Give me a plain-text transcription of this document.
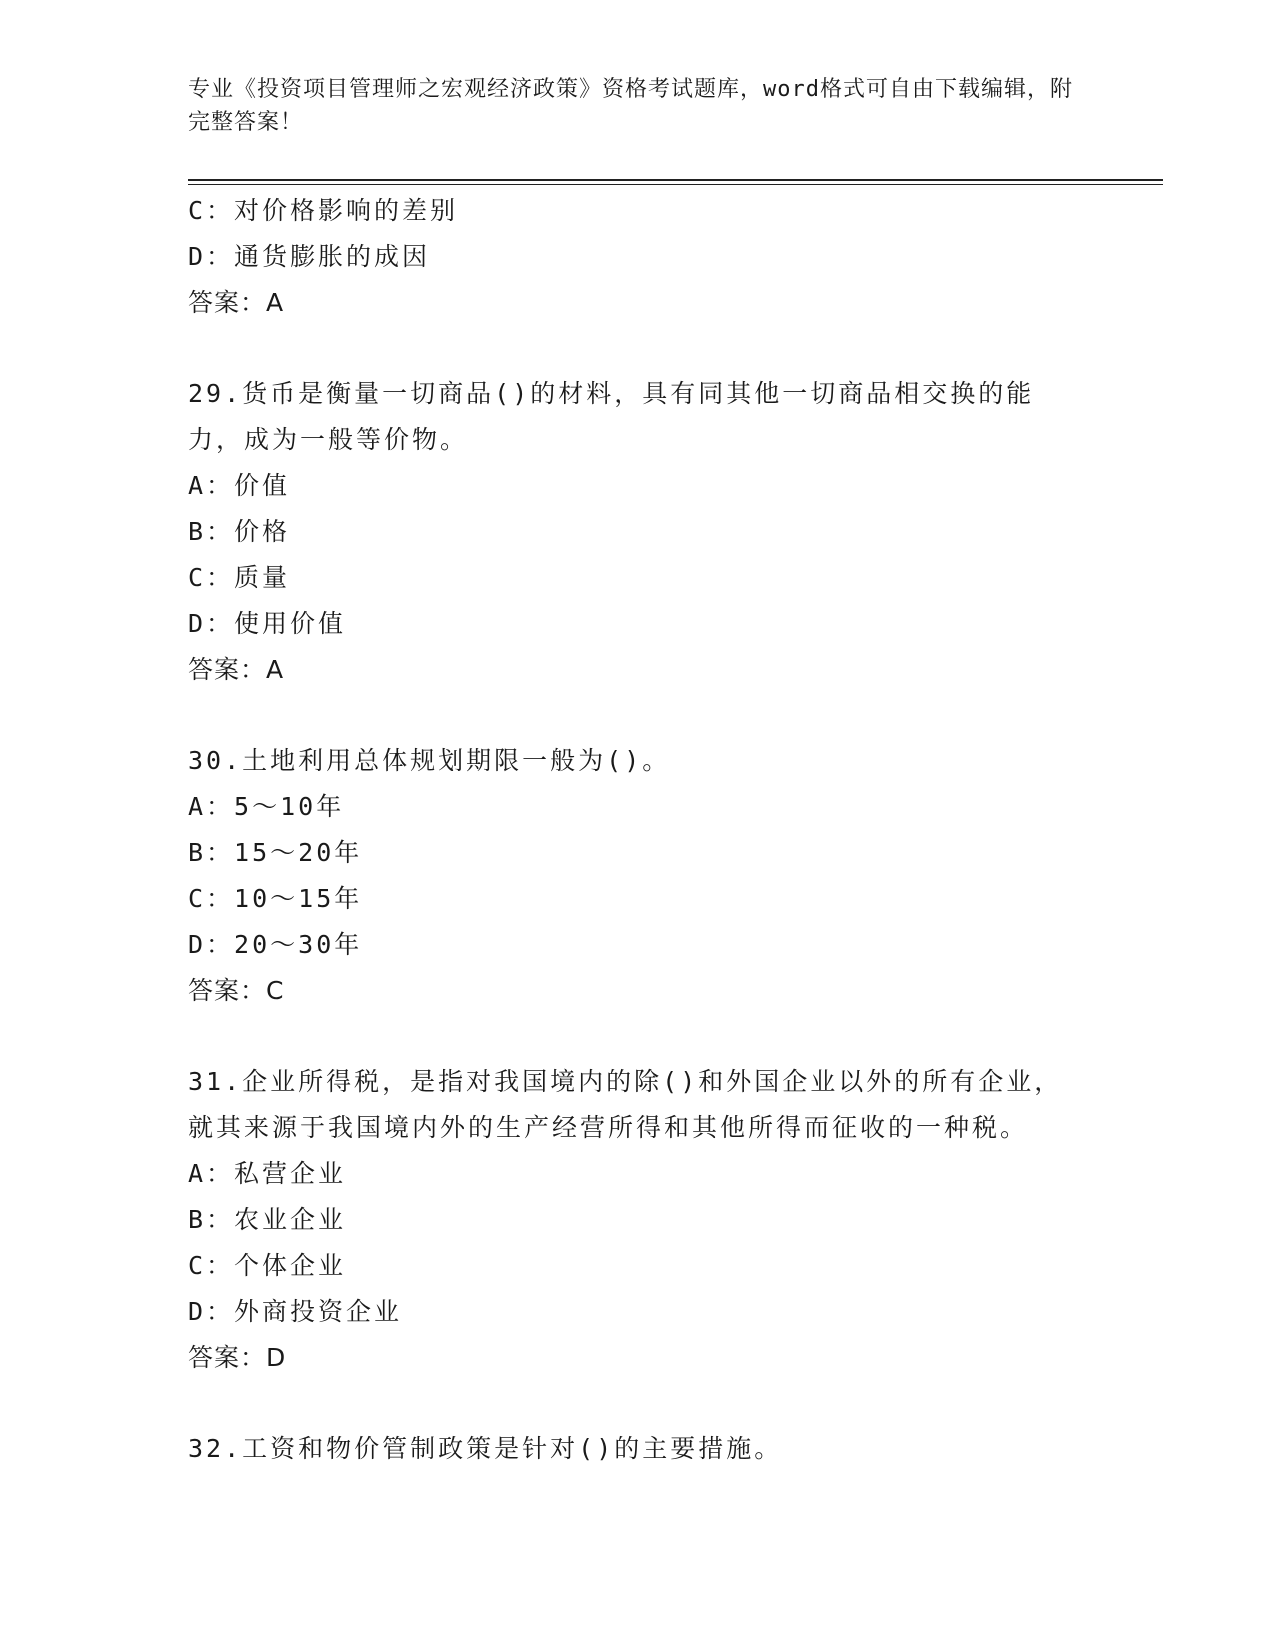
专业《投资项目管理师之宏观经济政策》资格考试题库，word格式可自由下载编辑，附完整答案！
C：对价格影响的差别
D：通货膨胀的成因
答案：A
29.货币是衡量一切商品()的材料，具有同其他一切商品相交换的能力，成为一般等价物。
A：价值
B：价格
C：质量
D：使用价值
答案：A
30.土地利用总体规划期限一般为()。
A：5～10年
B：15～20年
C：10～15年
D：20～30年
答案：C
31.企业所得税，是指对我国境内的除()和外国企业以外的所有企业，就其来源于我国境内外的生产经营所得和其他所得而征收的一种税。
A：私营企业
B：农业企业
C：个体企业
D：外商投资企业
答案：D
32.工资和物价管制政策是针对()的主要措施。
